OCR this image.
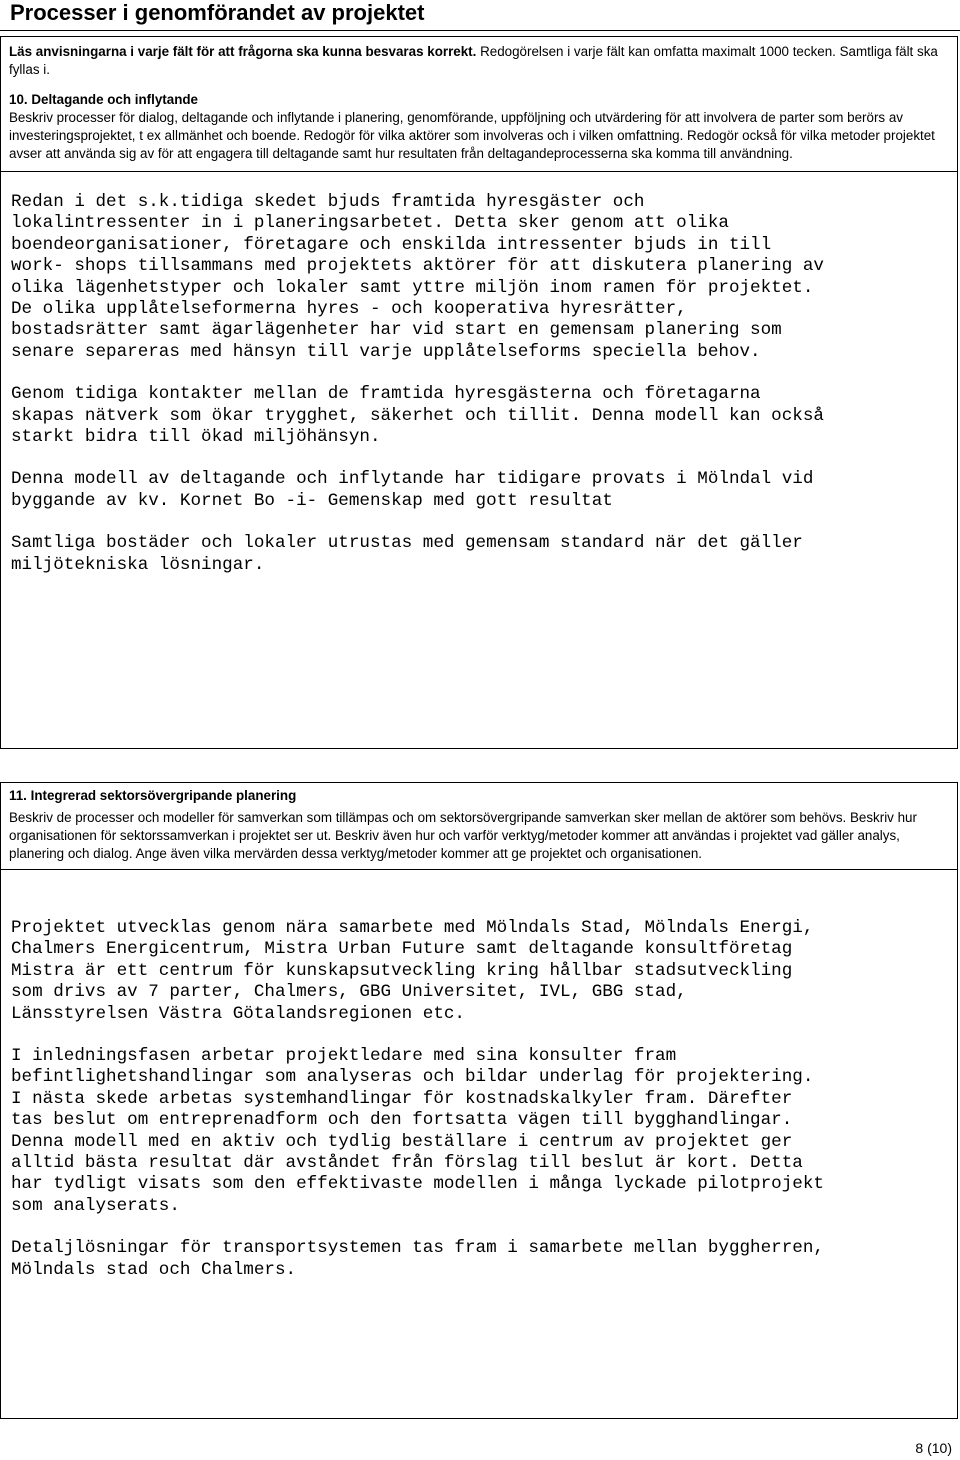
Processer i genomförandet av projektet

Läs anvisningarna i varje fält för att frågorna ska kunna besvaras korrekt. Redogörelsen i varje fält kan omfatta maximalt 1000 tecken. Samtliga fält ska fyllas i.

10. Deltagande och inflytande

Beskriv processer för dialog, deltagande och inflytande i planering, genomförande, uppföljning och utvärdering för att involvera de parter som berörs av investeringsprojektet, t ex allmänhet och boende. Redogör för vilka aktörer som involveras och i vilken omfattning. Redogör också för vilka metoder projektet avser att använda sig av för att engagera till deltagande samt hur resultaten från deltagandeprocesserna ska komma till användning.

Redan i det s.k.tidiga skedet bjuds framtida hyresgäster och
lokalintressenter in i planeringsarbetet. Detta sker genom att olika
boendeorganisationer, företagare och enskilda intressenter bjuds in till
work- shops tillsammans med projektets aktörer för att diskutera planering av
olika lägenhetstyper och lokaler samt yttre miljön inom ramen för projektet.
De olika upplåtelseformerna hyres - och kooperativa hyresrätter,
bostadsrätter samt ägarlägenheter har vid start en gemensam planering som
senare separeras med hänsyn till varje upplåtelseforms speciella behov.

Genom tidiga kontakter mellan de framtida hyresgästerna och företagarna
skapas nätverk som ökar trygghet, säkerhet och tillit. Denna modell kan också
starkt bidra till ökad miljöhänsyn.

Denna modell av deltagande och inflytande har tidigare provats i Mölndal vid
byggande av kv. Kornet Bo -i- Gemenskap med gott resultat

Samtliga bostäder och lokaler utrustas med gemensam standard när det gäller
miljötekniska lösningar.

11. Integrerad sektorsövergripande planering

Beskriv de processer och modeller för samverkan som tillämpas och om sektorsövergripande samverkan sker mellan de aktörer som behövs. Beskriv hur organisationen för sektorssamverkan i projektet ser ut. Beskriv även hur och varför verktyg/metoder kommer att användas i projektet vad gäller analys, planering och dialog. Ange även vilka mervärden dessa verktyg/metoder kommer att ge projektet och organisationen.

Projektet utvecklas genom nära samarbete med Mölndals Stad, Mölndals Energi,
Chalmers Energicentrum, Mistra Urban Future samt deltagande konsultföretag
Mistra är ett centrum för kunskapsutveckling kring hållbar stadsutveckling
som drivs av 7 parter, Chalmers, GBG Universitet, IVL, GBG stad,
Länsstyrelsen Västra Götalandsregionen etc.

I inledningsfasen arbetar projektledare med sina konsulter fram
befintlighetshandlingar som analyseras och bildar underlag för projektering.
I nästa skede arbetas systemhandlingar för kostnadskalkyler fram. Därefter
tas beslut om entreprenadform och den fortsatta vägen till bygghandlingar.
Denna modell med en aktiv och tydlig beställare i centrum av projektet ger
alltid bästa resultat där avståndet från förslag till beslut är kort. Detta
har tydligt visats som den effektivaste modellen i många lyckade pilotprojekt
som analyserats.

Detaljlösningar för transportsystemen tas fram i samarbete mellan byggherren,
Mölndals stad och Chalmers.

8 (10)
